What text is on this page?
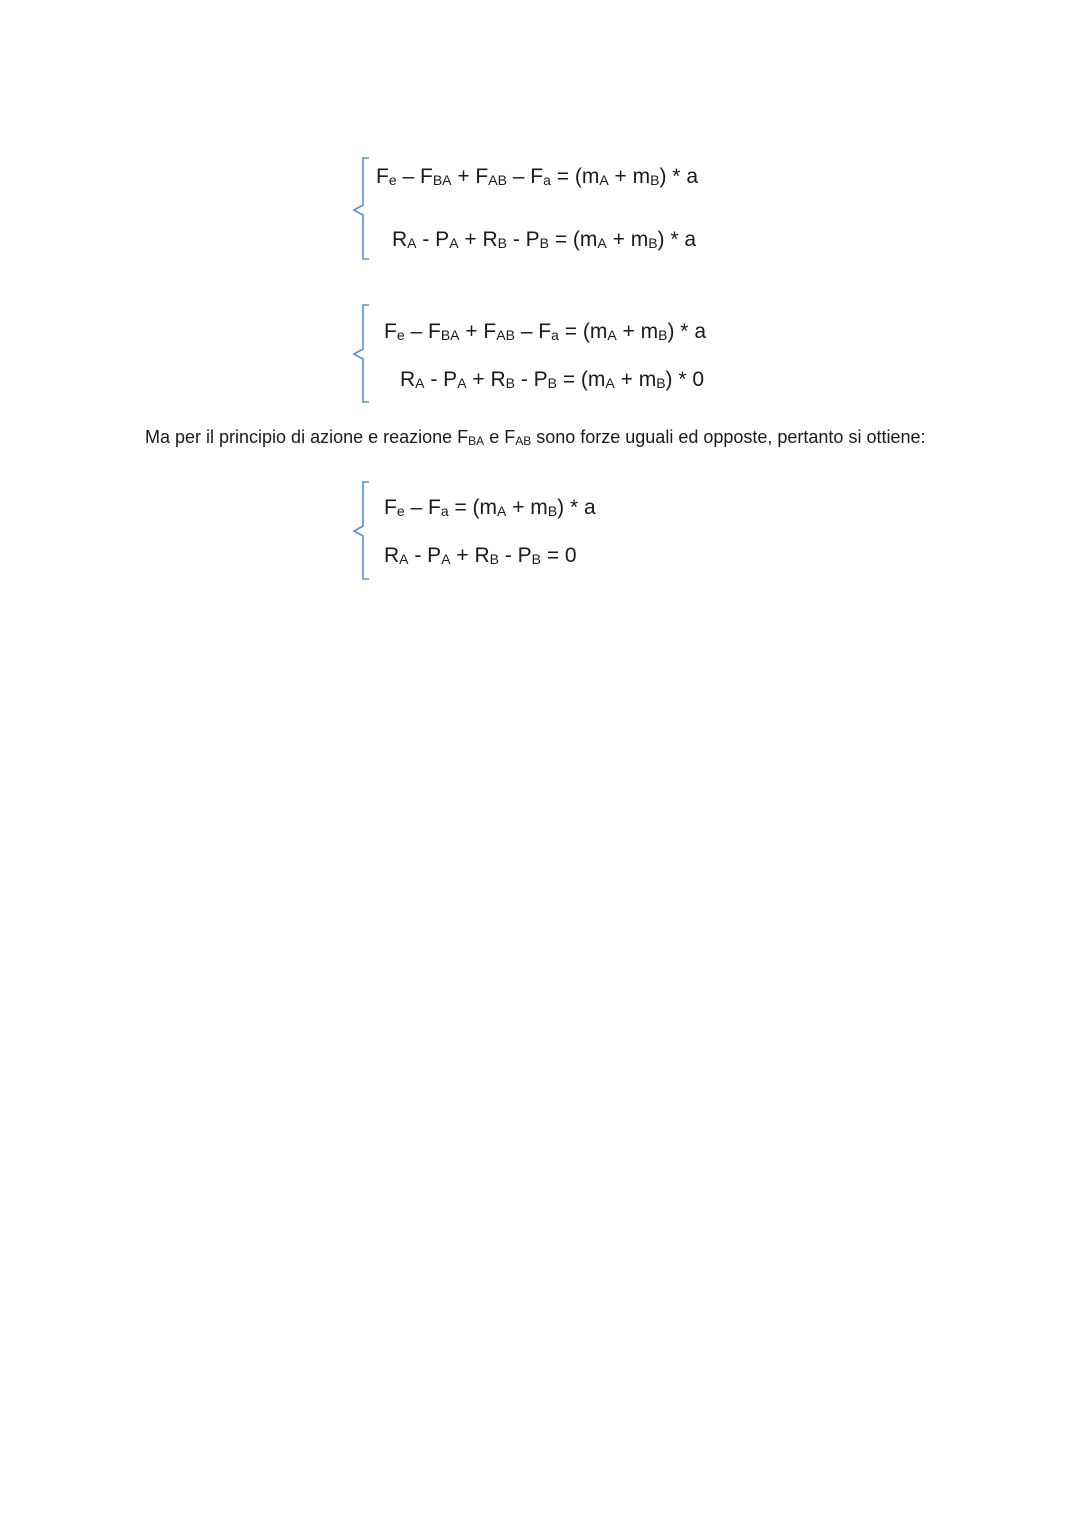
Fe – FBA + FAB – Fa = (mA + mB) * a
RA - PA + RB - PB = (mA + mB) * a
Fe – FBA + FAB – Fa = (mA + mB) * a
RA - PA + RB - PB = (mA + mB) * 0
Ma per il principio di azione e reazione FBA e FAB sono forze uguali ed opposte, pertanto si ottiene:
Fe – Fa = (mA + mB) * a
RA - PA + RB - PB = 0
